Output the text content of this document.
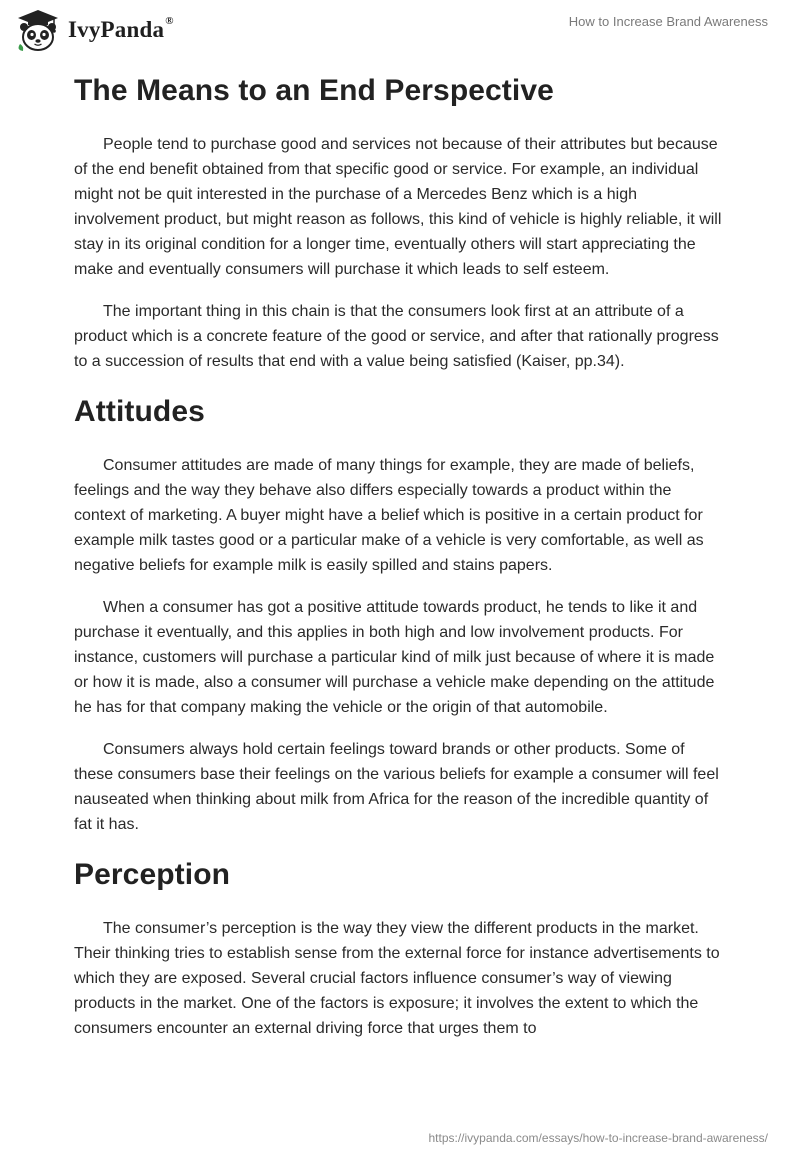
IvyPanda®	How to Increase Brand Awareness
The Means to an End Perspective

People tend to purchase good and services not because of their attributes but because of the end benefit obtained from that specific good or service. For example, an individual might not be quit interested in the purchase of a Mercedes Benz which is a high involvement product, but might reason as follows, this kind of vehicle is highly reliable, it will stay in its original condition for a longer time, eventually others will start appreciating the make and eventually consumers will purchase it which leads to self esteem.

The important thing in this chain is that the consumers look first at an attribute of a product which is a concrete feature of the good or service, and after that rationally progress to a succession of results that end with a value being satisfied (Kaiser, pp.34).

Attitudes

Consumer attitudes are made of many things for example, they are made of beliefs, feelings and the way they behave also differs especially towards a product within the context of marketing. A buyer might have a belief which is positive in a certain product for example milk tastes good or a particular make of a vehicle is very comfortable, as well as negative beliefs for example milk is easily spilled and stains papers.

When a consumer has got a positive attitude towards product, he tends to like it and purchase it eventually, and this applies in both high and low involvement products. For instance, customers will purchase a particular kind of milk just because of where it is made or how it is made, also a consumer will purchase a vehicle make depending on the attitude he has for that company making the vehicle or the origin of that automobile.

Consumers always hold certain feelings toward brands or other products. Some of these consumers base their feelings on the various beliefs for example a consumer will feel nauseated when thinking about milk from Africa for the reason of the incredible quantity of fat it has.

Perception

The consumer’s perception is the way they view the different products in the market. Their thinking tries to establish sense from the external force for instance advertisements to which they are exposed. Several crucial factors influence consumer’s way of viewing products in the market. One of the factors is exposure; it involves the extent to which the consumers encounter an external driving force that urges them to

https://ivypanda.com/essays/how-to-increase-brand-awareness/
